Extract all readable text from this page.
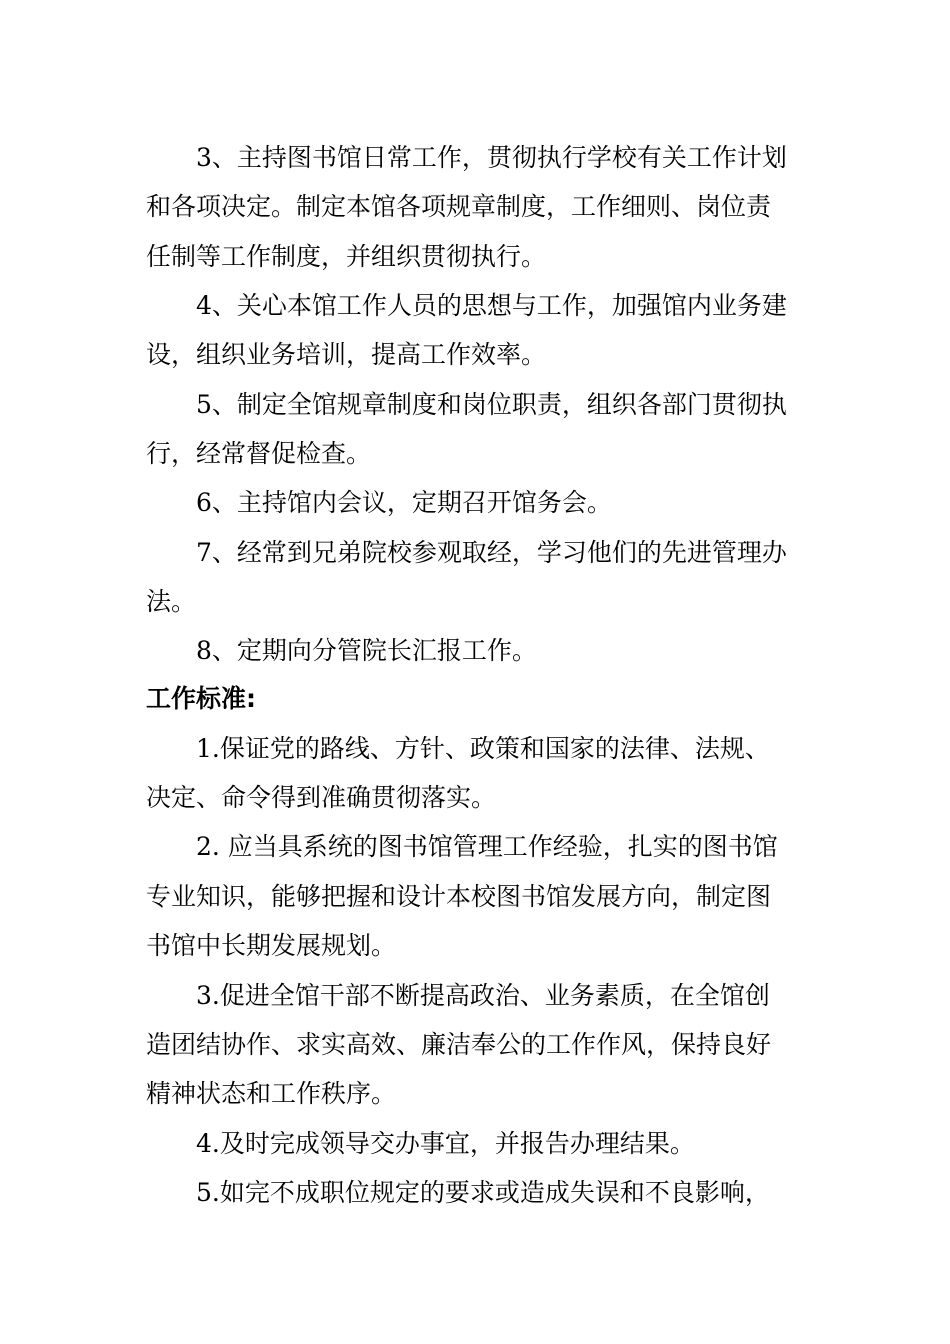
3、主持图书馆日常工作，贯彻执行学校有关工作计划
和各项决定。制定本馆各项规章制度，工作细则、岗位责
任制等工作制度，并组织贯彻执行。
4、关心本馆工作人员的思想与工作，加强馆内业务建
设，组织业务培训，提高工作效率。
5、制定全馆规章制度和岗位职责，组织各部门贯彻执
行，经常督促检查。
6、主持馆内会议，定期召开馆务会。
7、经常到兄弟院校参观取经，学习他们的先进管理办
法。
8、定期向分管院长汇报工作。
工作标准:
1.保证党的路线、方针、政策和国家的法律、法规、
决定、命令得到准确贯彻落实。
2. 应当具系统的图书馆管理工作经验，扎实的图书馆
专业知识，能够把握和设计本校图书馆发展方向，制定图
书馆中长期发展规划。
3.促进全馆干部不断提高政治、业务素质，在全馆创
造团结协作、求实高效、廉洁奉公的工作作风，保持良好
精神状态和工作秩序。
4.及时完成领导交办事宜，并报告办理结果。
5.如完不成职位规定的要求或造成失误和不良影响，
